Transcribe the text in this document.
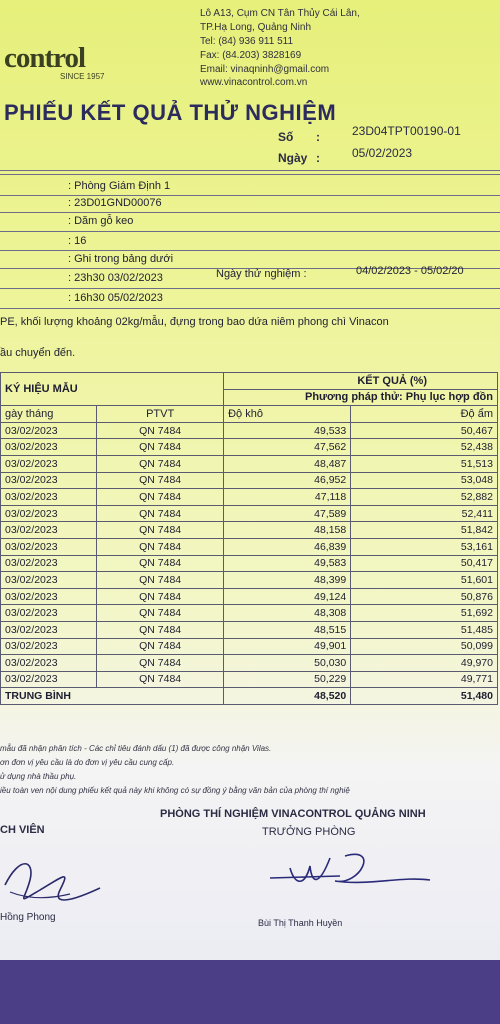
Lô A13, Cụm CN Tân Thủy Cái Lân,
TP.Hạ Long, Quảng Ninh
Tel: (84) 936 911 511
Fax: (84.203) 3828169
Email: vinaqninh@gmail.com
www.vinacontrol.com.vn
control
SINCE 1957
PHIẾU KẾT QUẢ THỬ NGHIỆM
Số :	23D04TPT00190-01
Ngày :	05/02/2023
: Phòng Giám Định 1
: 23D01GND00076
: Dăm gỗ keo
: 16
: Ghi trong bảng dưới
: 23h30 03/02/2023	Ngày thử nghiệm :	04/02/2023 - 05/02/20
: 16h30 05/02/2023
PE, khối lượng khoảng 02kg/mẫu, đựng trong bao dứa niêm phong chì Vinacon
ầu chuyển đến.
KÝ HIỆU MẪU		KẾT QUẢ (%)	
		Phương pháp thử: Phụ lục hợp đồn	
gày tháng	PTVT	Độ khô	Độ ẩm
03/02/2023	QN 7484	49,533	50,467
03/02/2023	QN 7484	47,562	52,438
03/02/2023	QN 7484	48,487	51,513
03/02/2023	QN 7484	46,952	53,048
03/02/2023	QN 7484	47,118	52,882
03/02/2023	QN 7484	47,589	52,411
03/02/2023	QN 7484	48,158	51,842
03/02/2023	QN 7484	46,839	53,161
03/02/2023	QN 7484	49,583	50,417
03/02/2023	QN 7484	48,399	51,601
03/02/2023	QN 7484	49,124	50,876
03/02/2023	QN 7484	48,308	51,692
03/02/2023	QN 7484	48,515	51,485
03/02/2023	QN 7484	49,901	50,099
03/02/2023	QN 7484	50,030	49,970
03/02/2023	QN 7484	50,229	49,771
TRUNG BÌNH		48,520	51,480
mẫu đã nhận phân tích - Các chỉ tiêu đánh dấu (1) đã được công nhận Vilas.
ơn đơn vị yêu cầu là do đơn vị yêu cầu cung cấp.
ử dụng nhà thầu phụ.
iều toàn ven nội dung phiếu kết quả này khi không có sự đồng ý bằng văn bản của phòng thí nghiệ
PHÒNG THÍ NGHIỆM VINACONTROL QUẢNG NINH
TRƯỞNG PHÒNG
CH VIÊN
Hồng Phong	Bùi Thị Thanh Huyền
